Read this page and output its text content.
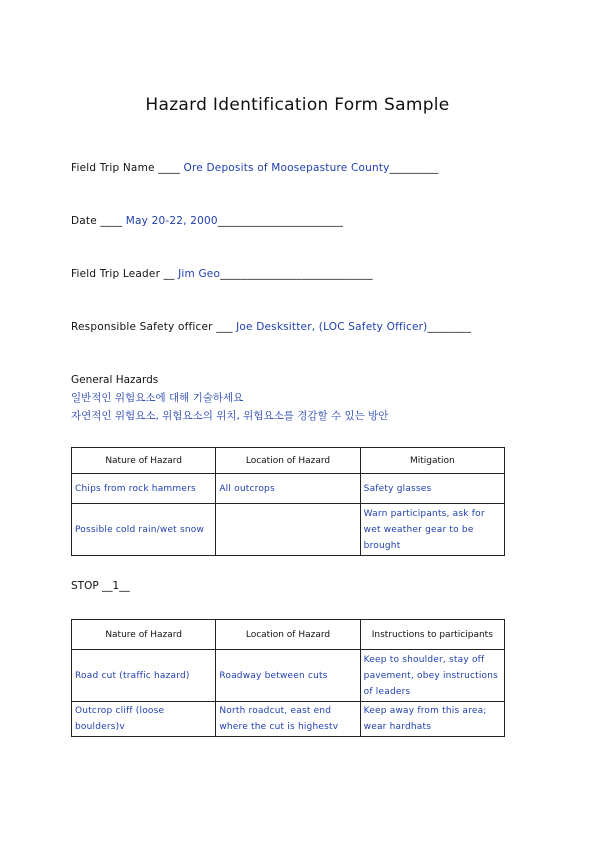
Hazard Identification Form Sample
Field Trip Name ____ Ore Deposits of Moosepasture County_________
Date ____ May 20-22, 2000_______________________
Field Trip Leader __ Jim Geo____________________________
Responsible Safety officer ___ Joe Desksitter, (LOC Safety Officer)________
General Hazards
일반적인 위험요소에 대해 기술하세요
자연적인 위험요소, 위험요소의 위치, 위험요소를 경감할 수 있는 방안
Nature of Hazard	Location of Hazard	Mitigation
Chips from rock hammers	All outcrops	Safety glasses
Possible cold rain/wet snow		Warn participants, ask for wet weather gear to be brought
STOP __1__
Nature of Hazard	Location of Hazard	Instructions to participants
Road cut (traffic hazard)	Roadway between cuts	Keep to shoulder, stay off pavement, obey instructions of leaders
Outcrop cliff (loose boulders)v	North roadcut, east end where the cut is highestv	Keep away from this area; wear hardhats
